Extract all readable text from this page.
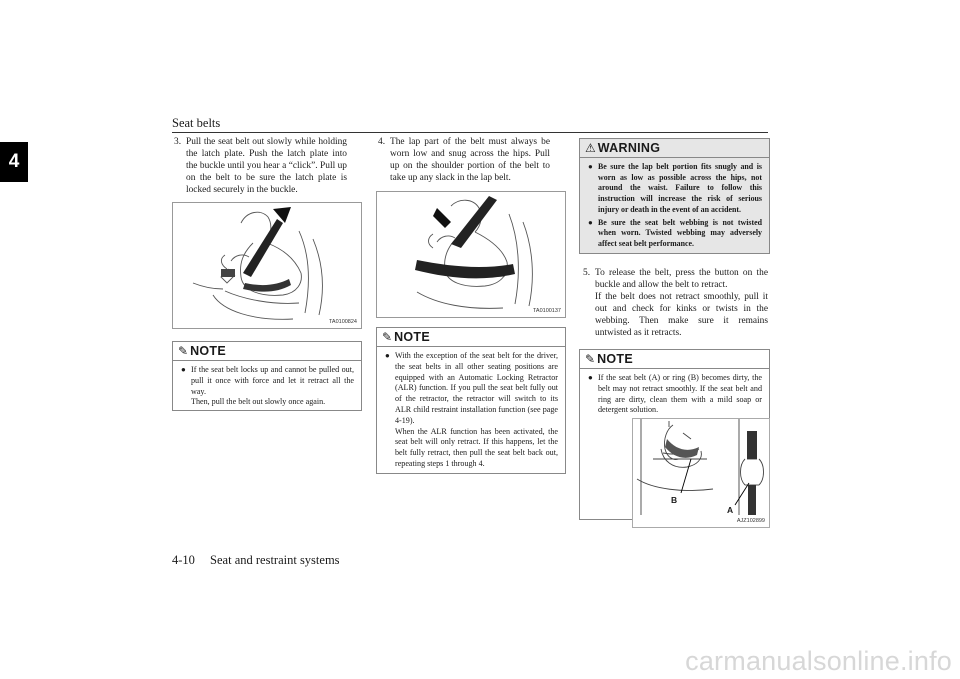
Seat belts
4
3. Pull the seat belt out slowly while holding the latch plate. Push the latch plate into the buckle until you hear a “click”. Pull up on the belt to be sure the latch plate is locked securely in the buckle.
TA0100824
✎ NOTE
● If the seat belt locks up and cannot be pulled out, pull it once with force and let it retract all the way.
Then, pull the belt out slowly once again.
4. The lap part of the belt must always be worn low and snug across the hips. Pull up on the shoulder portion of the belt to take up any slack in the lap belt.
TA0100137
✎ NOTE
● With the exception of the seat belt for the driver, the seat belts in all other seating positions are equipped with an Automatic Locking Retractor (ALR) function. If you pull the seat belt fully out of the retractor, the retractor will switch to its ALR child restraint installation function (see page 4-19).
When the ALR function has been activated, the seat belt will only retract. If this happens, let the belt fully retract, then pull the seat belt back out, repeating steps 1 through 4.
⚠ WARNING
● Be sure the lap belt portion fits snugly and is worn as low as possible across the hips, not around the waist. Failure to follow this instruction will increase the risk of serious injury or death in the event of an accident.
● Be sure the seat belt webbing is not twisted when worn. Twisted webbing may adversely affect seat belt performance.
5. To release the belt, press the button on the buckle and allow the belt to retract.
If the belt does not retract smoothly, pull it out and check for kinks or twists in the webbing. Then make sure it remains untwisted as it retracts.
✎ NOTE
● If the seat belt (A) or ring (B) becomes dirty, the belt may not retract smoothly. If the seat belt and ring are dirty, clean them with a mild soap or detergent solution.
B
A
AJZ102899
4-10 Seat and restraint systems
carmanualsonline.info
